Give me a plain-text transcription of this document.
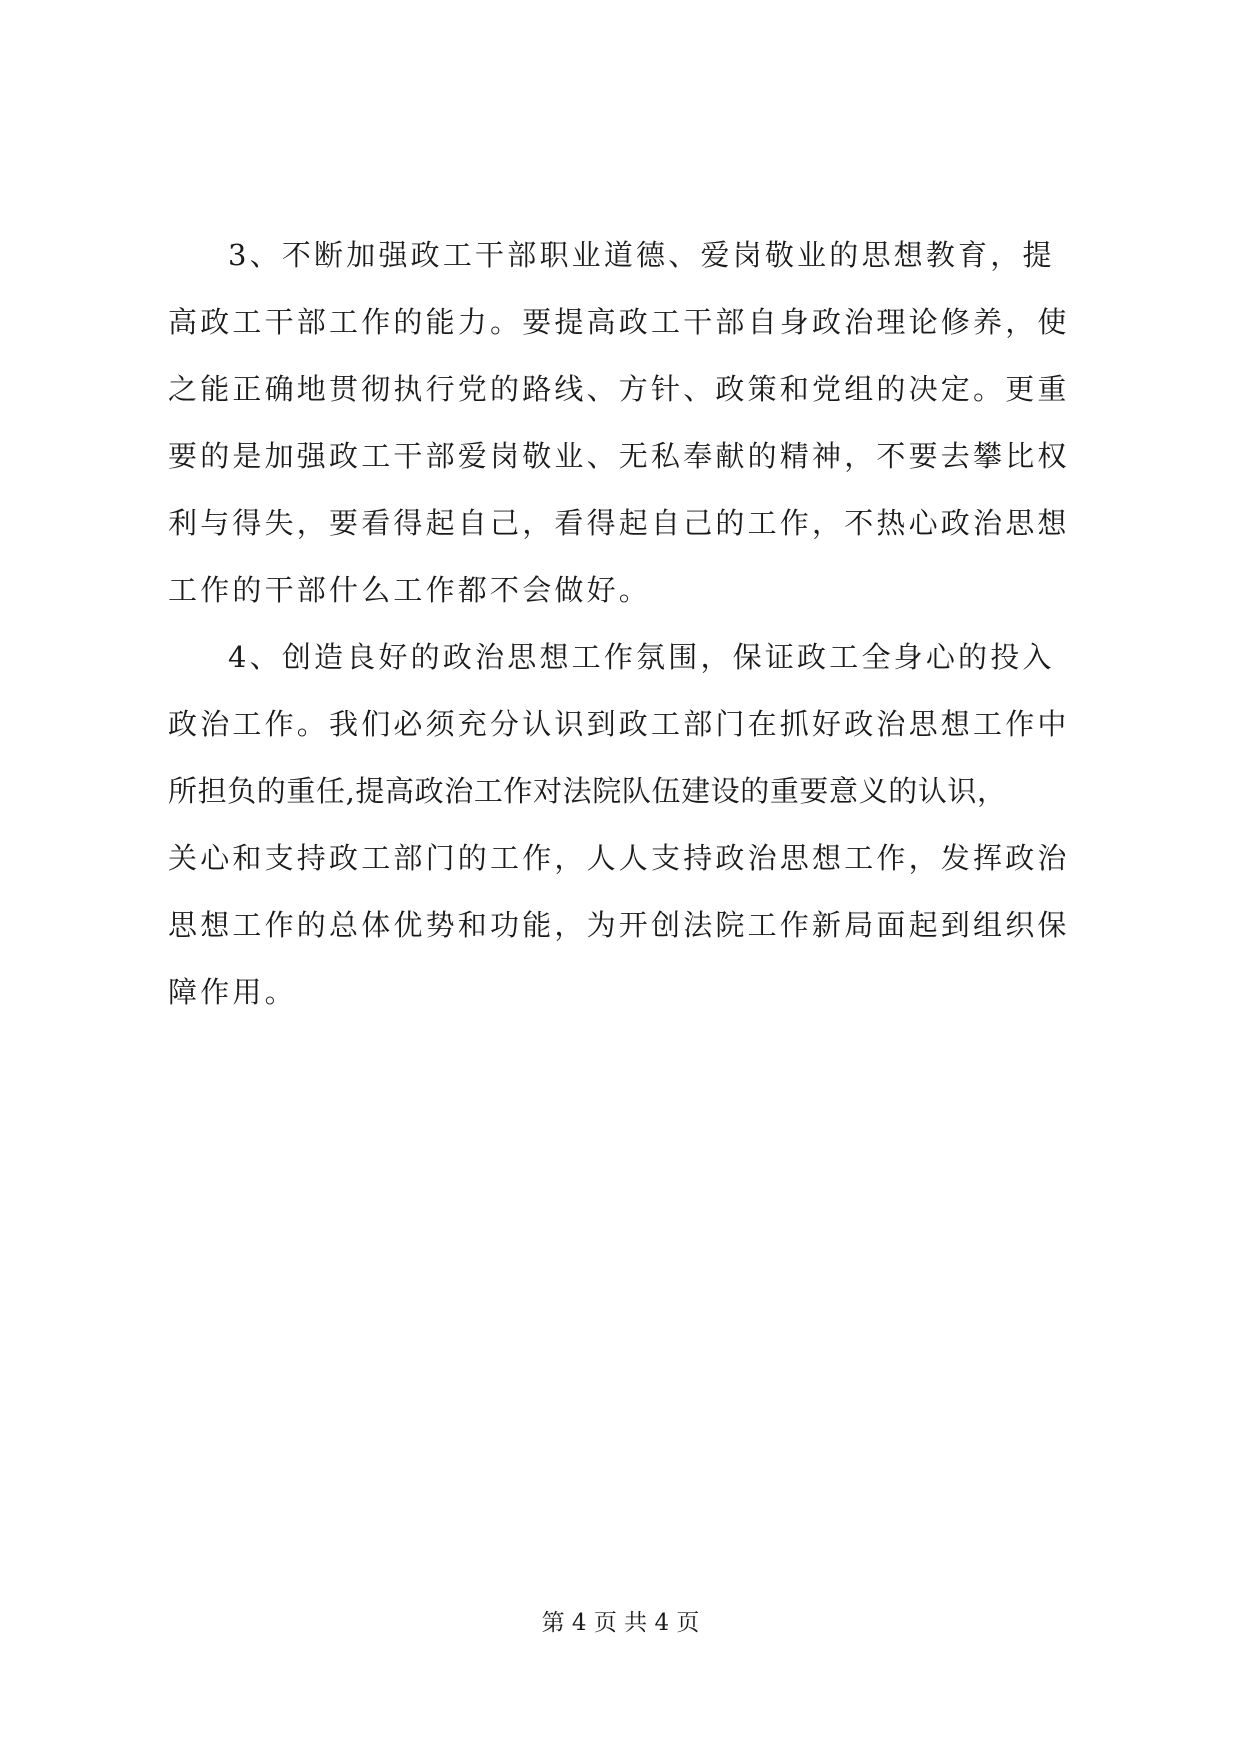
3、不断加强政工干部职业道德、爱岗敬业的思想教育，提
高政工干部工作的能力。要提高政工干部自身政治理论修养，使
之能正确地贯彻执行党的路线、方针、政策和党组的决定。更重
要的是加强政工干部爱岗敬业、无私奉献的精神，不要去攀比权
利与得失，要看得起自己，看得起自己的工作，不热心政治思想
工作的干部什么工作都不会做好。
4、创造良好的政治思想工作氛围，保证政工全身心的投入
政治工作。我们必须充分认识到政工部门在抓好政治思想工作中
所担负的重任,提高政治工作对法院队伍建设的重要意义的认识，
关心和支持政工部门的工作，人人支持政治思想工作，发挥政治
思想工作的总体优势和功能，为开创法院工作新局面起到组织保
障作用。
第 4 页 共 4 页
